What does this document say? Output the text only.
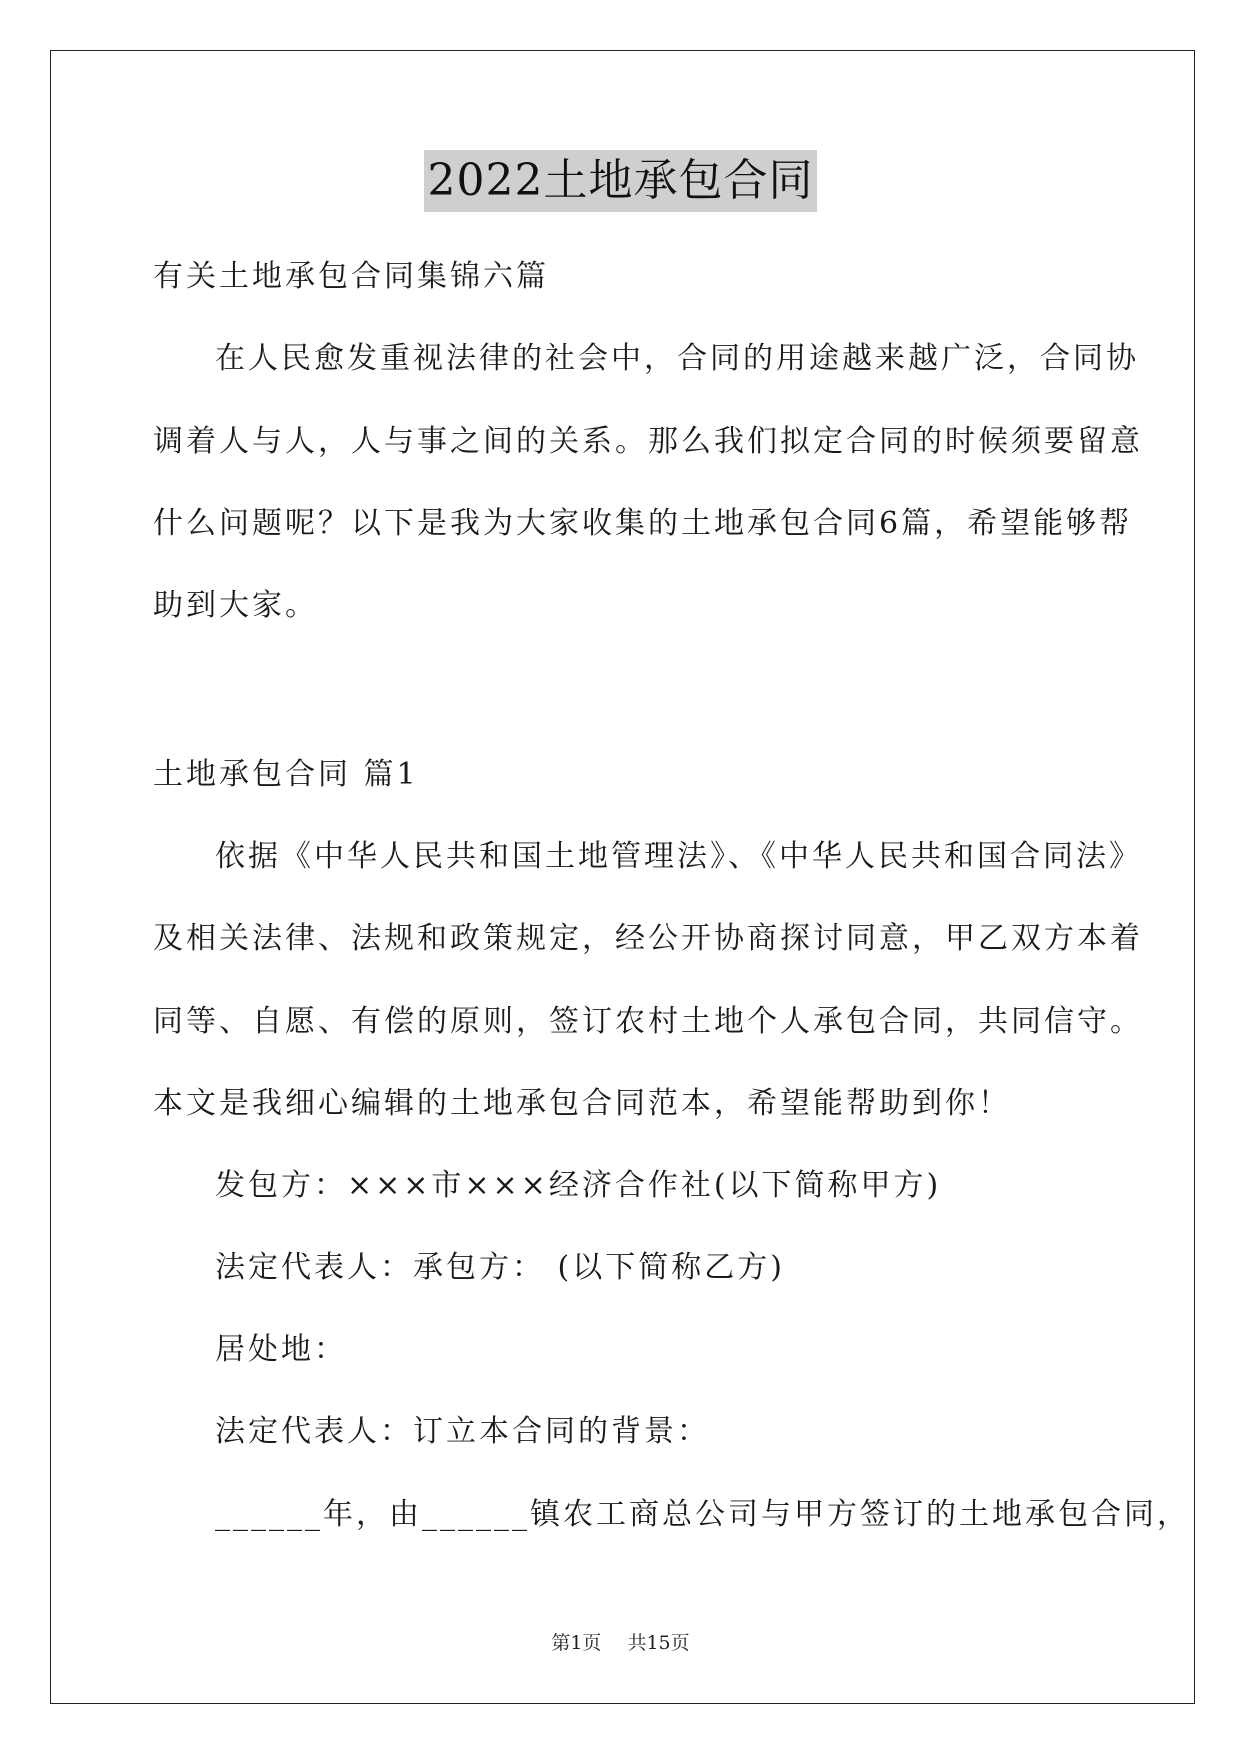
2022土地承包合同
有关土地承包合同集锦六篇
在人民愈发重视法律的社会中，合同的用途越来越广泛，合同协
调着人与人，人与事之间的关系。那么我们拟定合同的时候须要留意
什么问题呢？以下是我为大家收集的土地承包合同6篇，希望能够帮
助到大家。
土地承包合同 篇1
依据《中华人民共和国土地管理法》、《中华人民共和国合同法》
及相关法律、法规和政策规定，经公开协商探讨同意，甲乙双方本着
同等、自愿、有偿的原则，签订农村土地个人承包合同，共同信守。
本文是我细心编辑的土地承包合同范本，希望能帮助到你！
发包方：×××市×××经济合作社(以下简称甲方)
法定代表人：承包方： (以下简称乙方)
居处地：
法定代表人：订立本合同的背景：
______年，由______镇农工商总公司与甲方签订的土地承包合同，
第1页 共15页
